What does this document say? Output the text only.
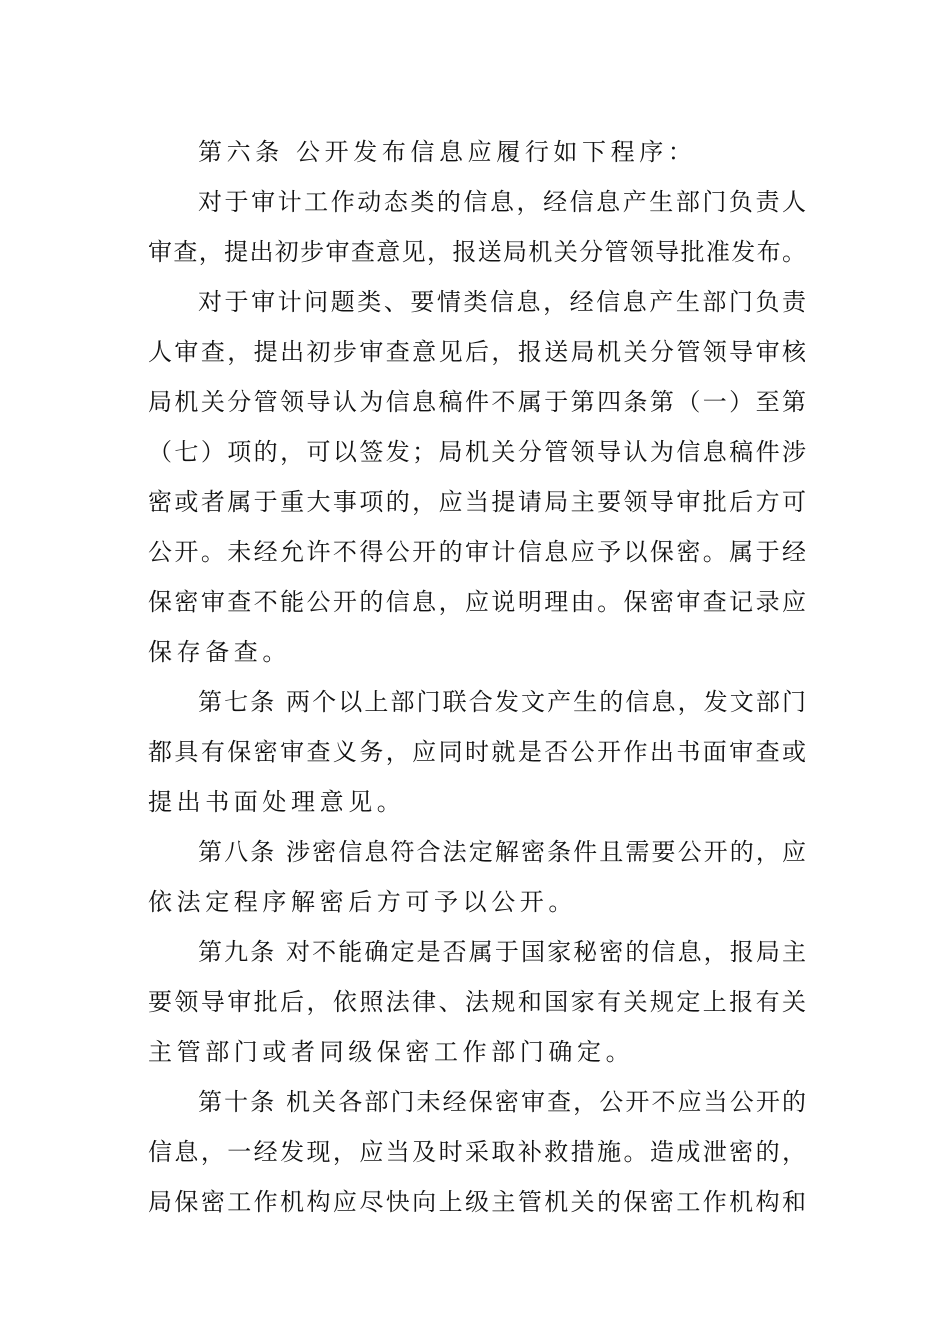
第六条 公开发布信息应履行如下程序：
对于审计工作动态类的信息，经信息产生部门负责人
审查，提出初步审查意见，报送局机关分管领导批准发布。
对于审计问题类、要情类信息，经信息产生部门负责
人审查，提出初步审查意见后，报送局机关分管领导审核
局机关分管领导认为信息稿件不属于第四条第（一）至第
（七）项的，可以签发；局机关分管领导认为信息稿件涉
密或者属于重大事项的，应当提请局主要领导审批后方可
公开。未经允许不得公开的审计信息应予以保密。属于经
保密审查不能公开的信息，应说明理由。保密审查记录应
保存备查。
第七条 两个以上部门联合发文产生的信息，发文部门
都具有保密审查义务，应同时就是否公开作出书面审查或
提出书面处理意见。
第八条 涉密信息符合法定解密条件且需要公开的，应
依法定程序解密后方可予以公开。
第九条 对不能确定是否属于国家秘密的信息，报局主
要领导审批后，依照法律、法规和国家有关规定上报有关
主管部门或者同级保密工作部门确定。
第十条 机关各部门未经保密审查，公开不应当公开的
信息，一经发现，应当及时采取补救措施。造成泄密的，
局保密工作机构应尽快向上级主管机关的保密工作机构和
